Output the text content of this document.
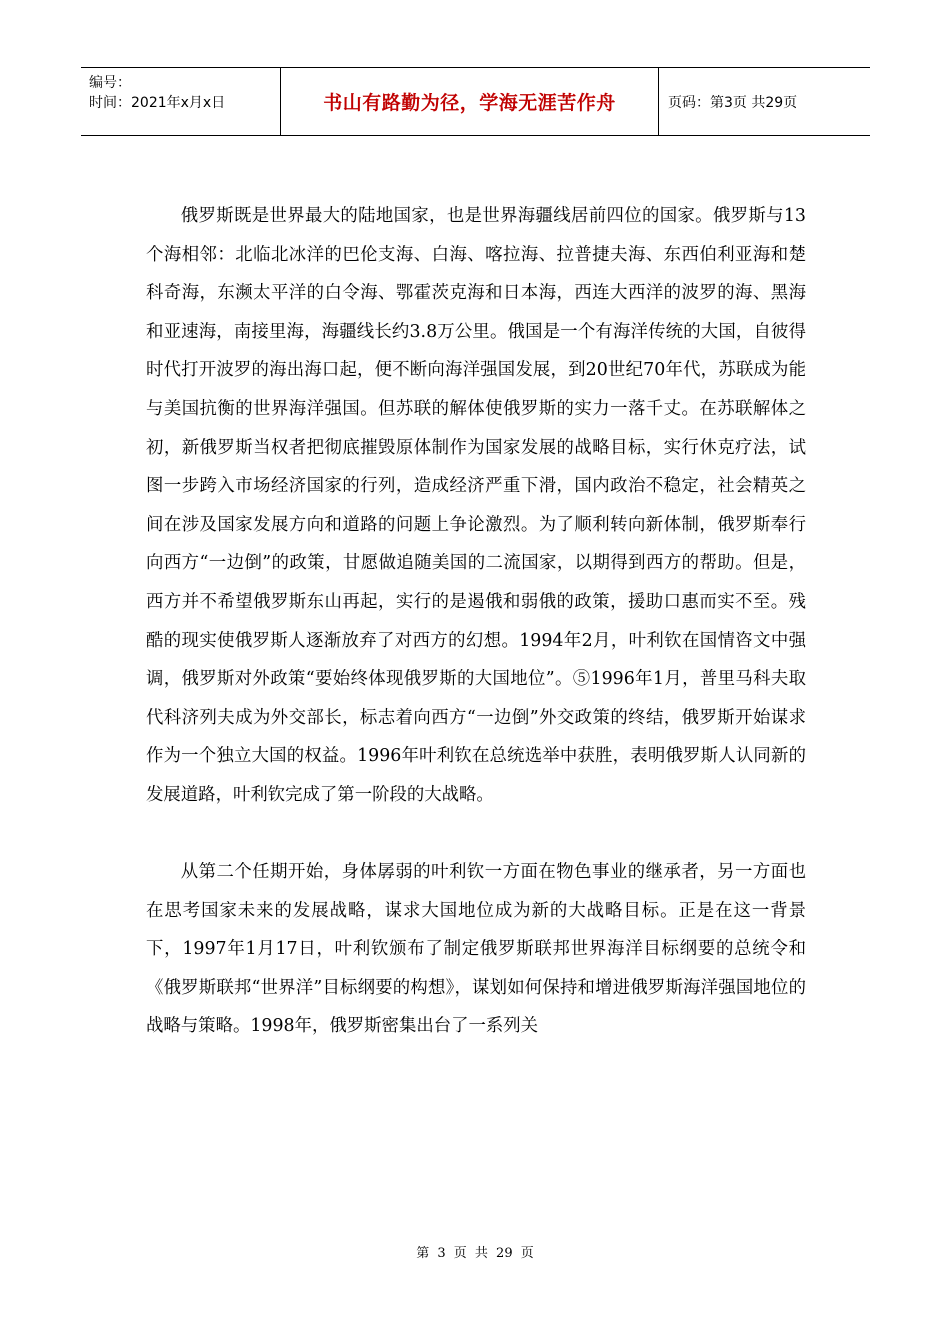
编号：
时间：2021年x月x日	书山有路勤为径，学海无涯苦作舟	页码：第3页 共29页

俄罗斯既是世界最大的陆地国家，也是世界海疆线居前四位的国家。俄罗斯与13个海相邻：北临北冰洋的巴伦支海、白海、喀拉海、拉普捷夫海、东西伯利亚海和楚科奇海，东濒太平洋的白令海、鄂霍茨克海和日本海，西连大西洋的波罗的海、黑海和亚速海，南接里海，海疆线长约3.8万公里。俄国是一个有海洋传统的大国，自彼得时代打开波罗的海出海口起，便不断向海洋强国发展，到20世纪70年代，苏联成为能与美国抗衡的世界海洋强国。但苏联的解体使俄罗斯的实力一落千丈。在苏联解体之初，新俄罗斯当权者把彻底摧毁原体制作为国家发展的战略目标，实行休克疗法，试图一步跨入市场经济国家的行列，造成经济严重下滑，国内政治不稳定，社会精英之间在涉及国家发展方向和道路的问题上争论激烈。为了顺利转向新体制，俄罗斯奉行向西方“一边倒”的政策，甘愿做追随美国的二流国家，以期得到西方的帮助。但是，西方并不希望俄罗斯东山再起，实行的是遏俄和弱俄的政策，援助口惠而实不至。残酷的现实使俄罗斯人逐渐放弃了对西方的幻想。1994年2月，叶利钦在国情咨文中强调，俄罗斯对外政策“要始终体现俄罗斯的大国地位”。⑤1996年1月，普里马科夫取代科济列夫成为外交部长，标志着向西方“一边倒”外交政策的终结，俄罗斯开始谋求作为一个独立大国的权益。1996年叶利钦在总统选举中获胜，表明俄罗斯人认同新的发展道路，叶利钦完成了第一阶段的大战略。

从第二个任期开始，身体孱弱的叶利钦一方面在物色事业的继承者，另一方面也在思考国家未来的发展战略，谋求大国地位成为新的大战略目标。正是在这一背景下，1997年1月17日，叶利钦颁布了制定俄罗斯联邦世界海洋目标纲要的总统令和《俄罗斯联邦“世界洋”目标纲要的构想》，谋划如何保持和增进俄罗斯海洋强国地位的战略与策略。1998年，俄罗斯密集出台了一系列关

第 3 页 共 29 页
